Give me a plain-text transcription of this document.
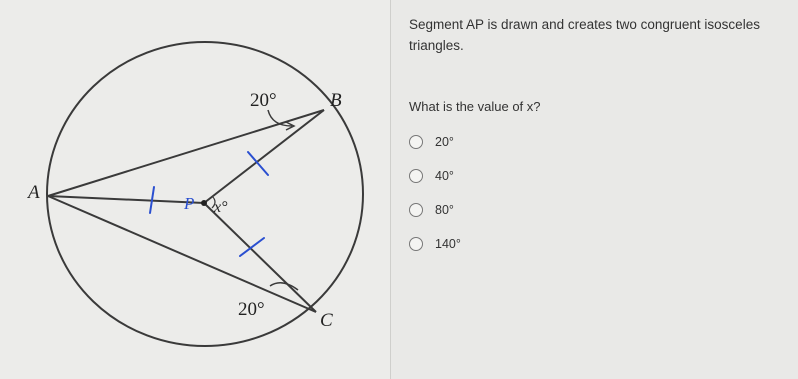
A
B
C
P x°
20°
20°
Segment AP is drawn and creates two congruent isosceles triangles.
What is the value of x?
20°
40°
80°
140°
